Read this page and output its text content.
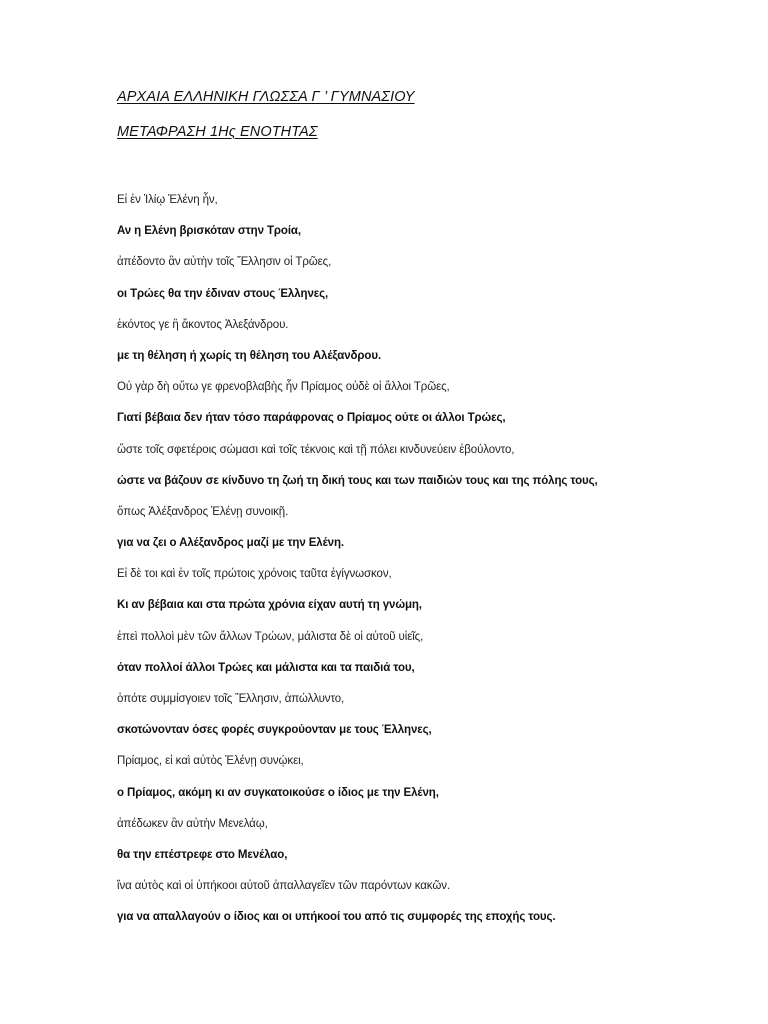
ΑΡΧΑΙΑ ΕΛΛΗΝΙΚΗ ΓΛΩΣΣΑ Γ ’ ΓΥΜΝΑΣΙΟΥ
ΜΕΤΑΦΡΑΣΗ 1Ης ΕΝΟΤΗΤΑΣ
Εἰ ἐν Ἰλίῳ Ἑλένη ἦν,
Αν η Ελένη βρισκόταν στην Τροία,
ἀπέδοντο ἂν αὐτὴν τοῖς Ἕλλησιν οἱ Τρῶες,
οι Τρώες θα την έδιναν στους Έλληνες,
ἑκόντος γε ἢ ἄκοντος Ἀλεξάνδρου.
με τη θέληση ή χωρίς τη θέληση του Αλέξανδρου.
Οὐ γὰρ δὴ οὕτω γε φρενοβλαβὴς ἦν Πρίαμος οὐδὲ οἱ ἄλλοι Τρῶες,
Γιατί βέβαια δεν ήταν τόσο παράφρονας ο Πρίαμος ούτε οι άλλοι Τρώες,
ὥστε τοῖς σφετέροις σώμασι καὶ τοῖς τέκνοις καὶ τῇ πόλει κινδυνεύειν ἐβούλοντο,
ώστε να βάζουν σε κίνδυνο τη ζωή τη δική τους και των παιδιών τους και της πόλης τους,
ὅπως Ἀλέξανδρος Ἑλένῃ συνοικῇ.
για να ζει ο Αλέξανδρος μαζί με την Ελένη.
Εἰ δὲ τοι καὶ ἐν τοῖς πρώτοις χρόνοις ταῦτα ἐγίγνωσκον,
Κι αν βέβαια και στα πρώτα χρόνια είχαν αυτή τη γνώμη,
ἐπεὶ πολλοὶ μὲν τῶν ἄλλων Τρώων, μάλιστα δὲ οἱ αὐτοῦ υἱεῖς,
όταν πολλοί άλλοι Τρώες και μάλιστα και τα παιδιά του,
ὁπότε συμμίσγοιεν τοῖς Ἕλλησιν, ἀπώλλυντο,
σκοτώνονταν όσες φορές συγκρούονταν με τους Έλληνες,
Πρίαμος, εἰ καὶ αὐτὸς Ἑλένῃ συνῴκει,
ο Πρίαμος, ακόμη κι αν συγκατοικούσε ο ίδιος με την Ελένη,
ἀπέδωκεν ἂν αὐτὴν Μενελάῳ,
θα την επέστρεφε στο Μενέλαο,
ἵνα αὐτὸς καὶ οἱ ὑπήκοοι αὐτοῦ ἀπαλλαγεῖεν τῶν παρόντων κακῶν.
για να απαλλαγούν ο ίδιος και οι υπήκοοί του από τις συμφορές της εποχής τους.
